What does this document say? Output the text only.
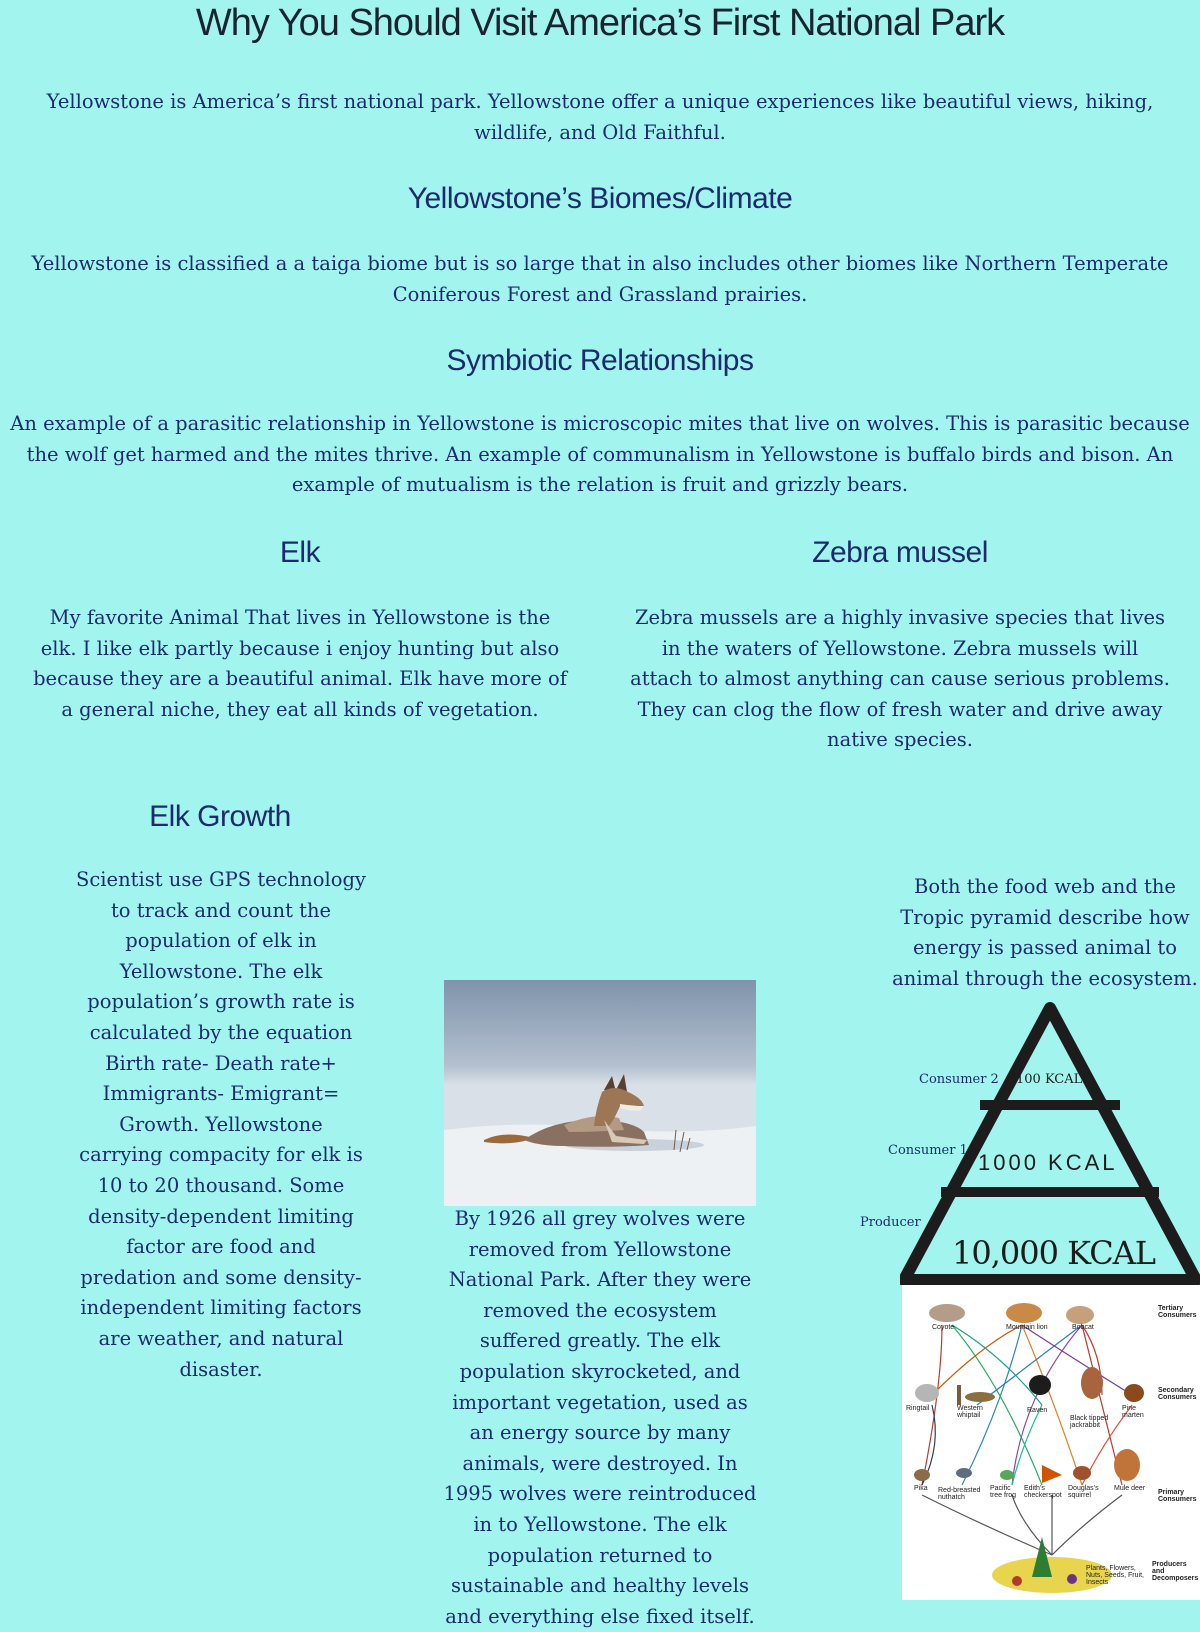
Why You Should Visit America’s First National Park
Yellowstone is America’s first national park. Yellowstone offer a unique experiences like beautiful views, hiking, wildlife, and Old Faithful.
Yellowstone’s Biomes/Climate
Yellowstone is classified a a taiga biome but is so large that in also includes other biomes like Northern Temperate Coniferous Forest and Grassland prairies.
Symbiotic Relationships
An example of a parasitic relationship in Yellowstone is microscopic mites that live on wolves. This is parasitic because the wolf get harmed and the mites thrive. An example of communalism in Yellowstone is buffalo birds and bison. An example of mutualism is the relation is fruit and grizzly bears.
Elk
My favorite Animal That lives in Yellowstone is the elk. I like elk partly because i enjoy hunting but also because they are a beautiful animal. Elk have more of a general niche, they eat all kinds of vegetation.
Zebra mussel
Zebra mussels are a highly invasive species that lives in the waters of Yellowstone. Zebra mussels will attach to almost anything can cause serious problems. They can clog the flow of fresh water and drive away native species.
Elk Growth
Scientist use GPS technology to track and count the population of elk in Yellowstone. The elk population’s growth rate is calculated by the equation Birth rate- Death rate+ Immigrants- Emigrant= Growth. Yellowstone carrying compacity for elk is 10 to 20 thousand. Some density-dependent limiting factor are food and predation and some density-independent limiting factors are weather, and natural disaster.
By 1926 all grey wolves were removed from Yellowstone National Park. After they were removed the ecosystem suffered greatly. The elk population skyrocketed, and important vegetation, used as an energy source by many animals, were destroyed. In 1995 wolves were reintroduced in to Yellowstone. The elk population returned to sustainable and healthy levels and everything else fixed itself.
Both the food web and the Tropic pyramid describe how energy is passed animal to animal through the ecosystem.
Consumer 2 100 KCAL
Consumer 1 1000 KCAL
Producer
10,000 KCAL
Coyote	Mountain lion	Bobcat
Ringtail	Western whiptail
Raven
Black tipped jackrabbit
Pine marten
Pika Red-breasted nuthatch
Pacific tree frog
Edith’s checkerspot
Douglas’s squirrel
Mule deer
Plants, Flowers, Nuts, Seeds, Fruit, Insects
Tertiary Consumers
Secondary Consumers
Primary Consumers
Producers and Decomposers
